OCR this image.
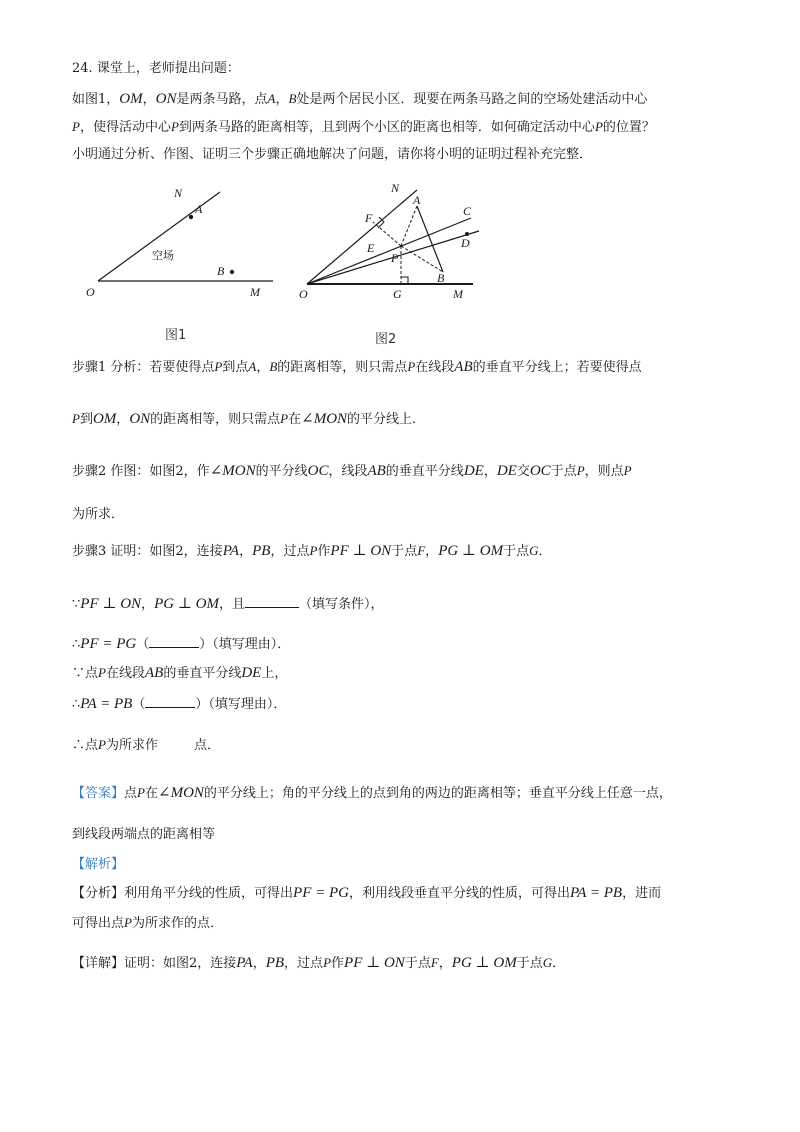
24. 课堂上，老师提出问题：
如图1，OM，ON是两条马路，点A，B处是两个居民小区．现要在两条马路之间的空场处建活动中心
P，使得活动中心P到两条马路的距离相等，且到两个小区的距离也相等．如何确定活动中心P的位置？
小明通过分析、作图、证明三个步骤正确地解决了问题，请你将小明的证明过程补充完整．
N
A
B
O	M
空场
图1
N
A
C
F
D
E
P
B
O	G	M
图2
步骤1 分析：若要使得点P到点A，B的距离相等，则只需点P在线段AB的垂直平分线上；若要使得点
P到OM，ON的距离相等，则只需点P在∠MON的平分线上．
步骤2 作图：如图2，作∠MON的平分线OC，线段AB的垂直平分线DE，DE交OC于点P，则点P
为所求．
步骤3 证明：如图2，连接PA，PB，过点P作PF ⊥ ON于点F，PG ⊥ OM于点G．
∵PF ⊥ ON，PG ⊥ OM，且	（填写条件），
∴PF = PG（	）（填写理由）．
∵点P在线段AB的垂直平分线DE上，
∴PA = PB（	）（填写理由）．
∴点P为所求作	点．
【答案】点P在∠MON的平分线上；角的平分线上的点到角的两边的距离相等；垂直平分线上任意一点，
到线段两端点的距离相等
【解析】
【分析】利用角平分线的性质，可得出PF = PG，利用线段垂直平分线的性质，可得出PA = PB，进而
可得出点P为所求作的点．
【详解】证明：如图2，连接PA，PB，过点P作PF ⊥ ON于点F，PG ⊥ OM于点G．
